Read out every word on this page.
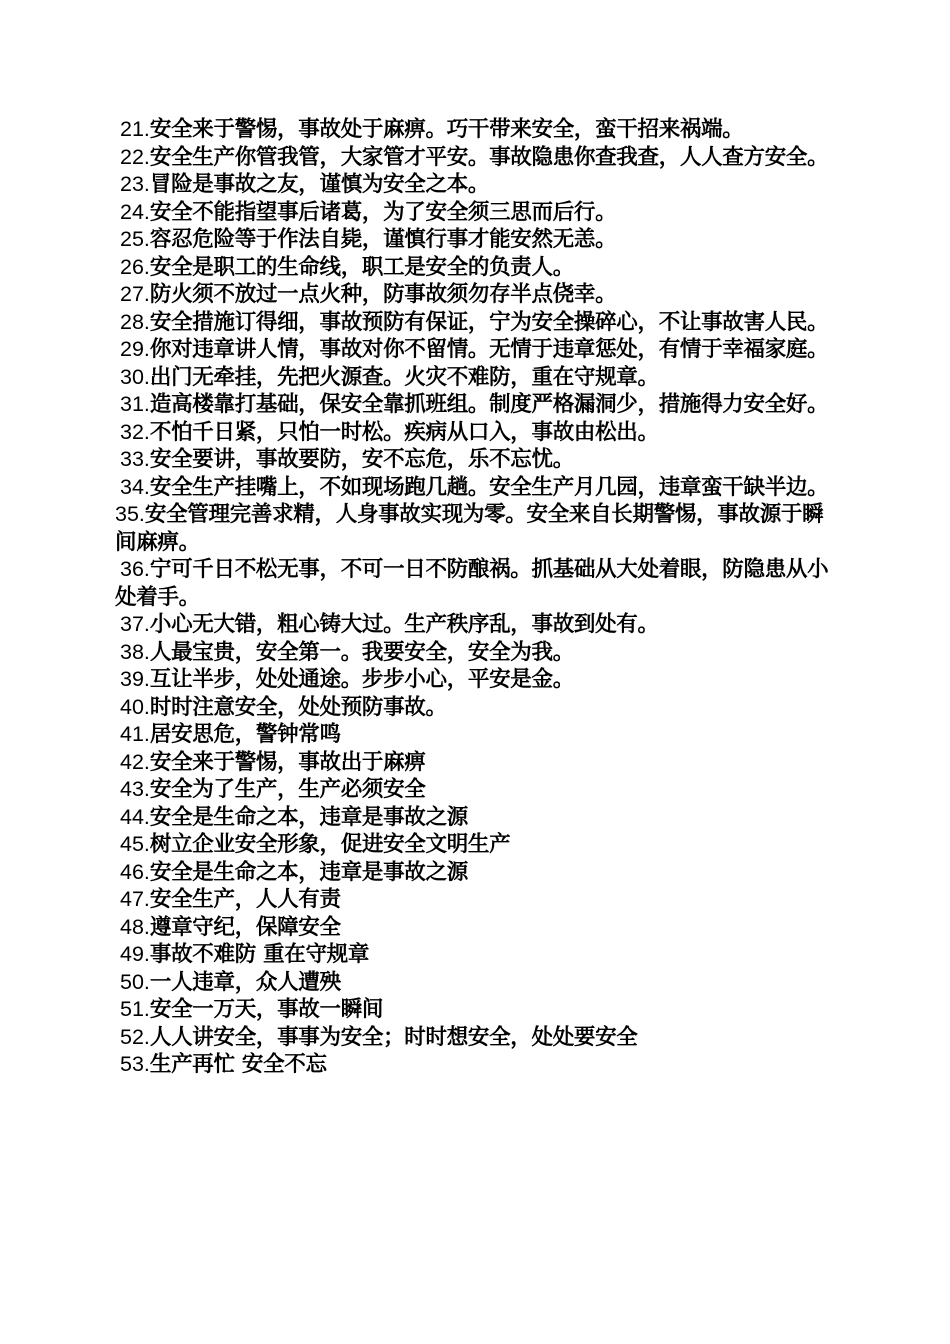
21.安全来于警惕，事故处于麻痹。巧干带来安全，蛮干招来祸端。

22.安全生产你管我管，大家管才平安。事故隐患你查我查，人人查方安全。

23.冒险是事故之友，谨慎为安全之本。

24.安全不能指望事后诸葛，为了安全须三思而后行。

25.容忍危险等于作法自毙，谨慎行事才能安然无恙。

26.安全是职工的生命线，职工是安全的负责人。

27.防火须不放过一点火种，防事故须勿存半点侥幸。

28.安全措施订得细，事故预防有保证，宁为安全操碎心，不让事故害人民。

29.你对违章讲人情，事故对你不留情。无情于违章惩处，有情于幸福家庭。

30.出门无牵挂，先把火源查。火灾不难防，重在守规章。

31.造高楼靠打基础，保安全靠抓班组。制度严格漏洞少，措施得力安全好。

32.不怕千日紧，只怕一时松。疾病从口入，事故由松出。

33.安全要讲，事故要防，安不忘危，乐不忘忧。

34.安全生产挂嘴上，不如现场跑几趟。安全生产月几园，违章蛮干缺半边。

35.安全管理完善求精，人身事故实现为零。安全来自长期警惕，事故源于瞬间麻痹。

36.宁可千日不松无事，不可一日不防酿祸。抓基础从大处着眼，防隐患从小处着手。

37.小心无大错，粗心铸大过。生产秩序乱，事故到处有。

38.人最宝贵，安全第一。我要安全，安全为我。

39.互让半步，处处通途。步步小心，平安是金。

40.时时注意安全，处处预防事故。

41.居安思危，警钟常鸣

42.安全来于警惕，事故出于麻痹

43.安全为了生产，生产必须安全

44.安全是生命之本，违章是事故之源

45.树立企业安全形象，促进安全文明生产

46.安全是生命之本，违章是事故之源

47.安全生产，人人有责

48.遵章守纪，保障安全

49.事故不难防 重在守规章

50.一人违章，众人遭殃

51.安全一万天，事故一瞬间

52.人人讲安全，事事为安全；时时想安全，处处要安全

53.生产再忙 安全不忘
